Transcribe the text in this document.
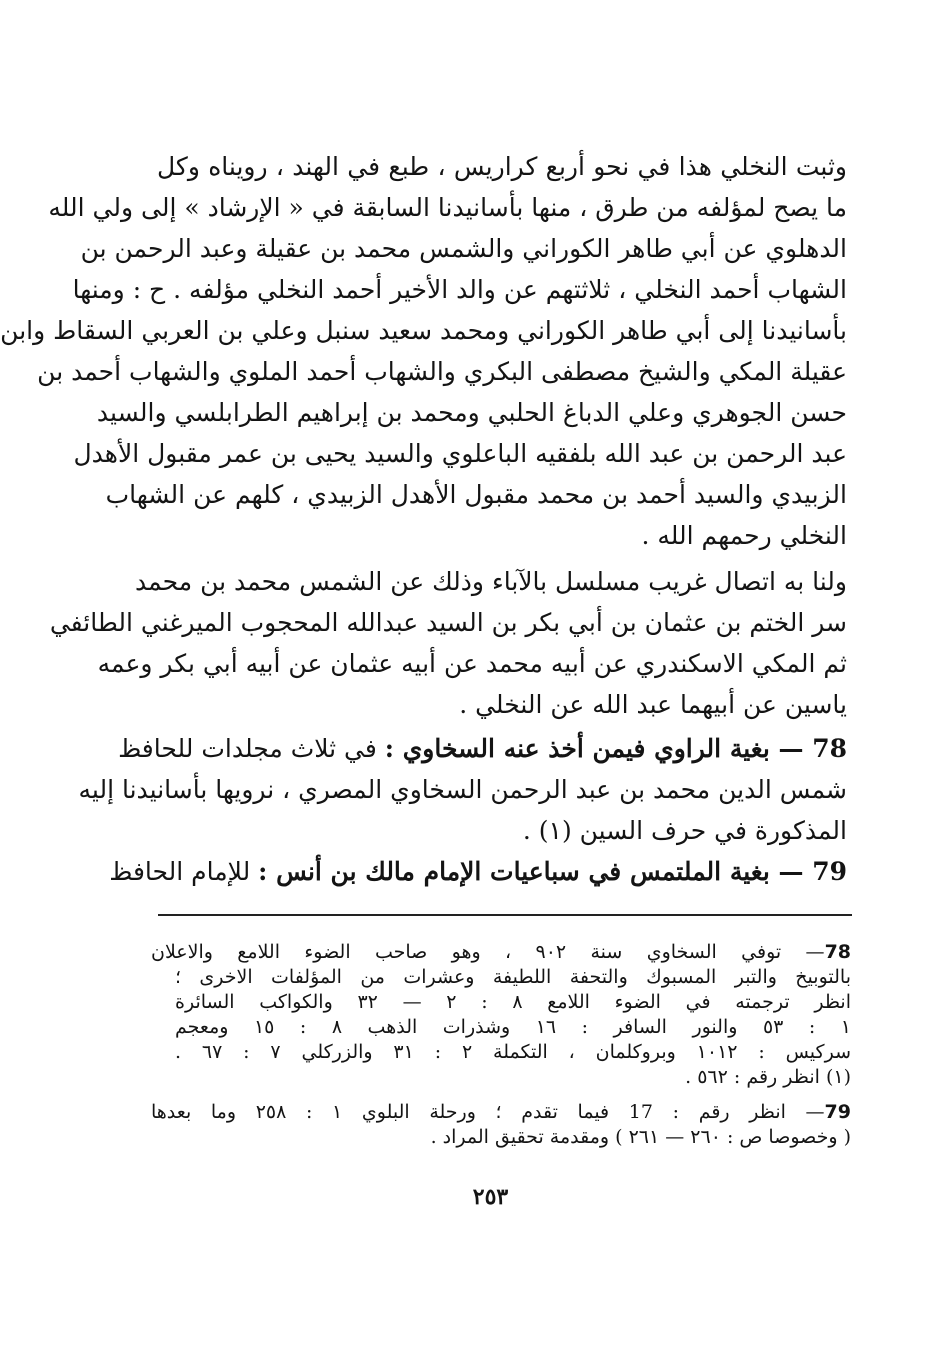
وثبت النخلي هذا في نحو أربع كراريس ، طبع في الهند ، رويناه وكل
ما يصح لمؤلفه من طرق ، منها بأسانيدنا السابقة في « الإرشاد » إلى ولي الله
الدهلوي عن أبي طاهر الكوراني والشمس محمد بن عقيلة وعبد الرحمن بن
الشهاب أحمد النخلي ، ثلاثتهم عن والد الأخير أحمد النخلي مؤلفه . ح : ومنها
بأسانيدنا إلى أبي طاهر الكوراني ومحمد سعيد سنبل وعلي بن العربي السقاط وابن
عقيلة المكي والشيخ مصطفى البكري والشهاب أحمد الملوي والشهاب أحمد بن
حسن الجوهري وعلي الدباغ الحلبي ومحمد بن إبراهيم الطرابلسي والسيد
عبد الرحمن بن عبد الله بلفقيه الباعلوي والسيد يحيى بن عمر مقبول الأهدل
الزبيدي والسيد أحمد بن محمد مقبول الأهدل الزبيدي ، كلهم عن الشهاب
النخلي رحمهم الله .
ولنا به اتصال غريب مسلسل بالآباء وذلك عن الشمس محمد بن محمد
سر الختم بن عثمان بن أبي بكر بن السيد عبدالله المحجوب الميرغني الطائفي
ثم المكي الاسكندري عن أبيه محمد عن أبيه عثمان عن أبيه أبي بكر وعمه
ياسين عن أبيهما عبد الله عن النخلي .
78 — بغية الراوي فيمن أخذ عنه السخاوي : في ثلاث مجلدات للحافظ
شمس الدين محمد بن عبد الرحمن السخاوي المصري ، نرويها بأسانيدنا إليه
المذكورة في حرف السين (١) .
79 — بغية الملتمس في سباعيات الإمام مالك بن أنس : للإمام الحافظ
78— توفي السخاوي سنة ٩٠٢ ، وهو صاحب الضوء اللامع والاعلان
بالتوبيخ والتبر المسبوك والتحفة اللطيفة وعشرات من المؤلفات الاخرى ؛
انظر ترجمته في الضوء اللامع ٨ : ٢ — ٣٢ والكواكب السائرة
١ : ٥٣ والنور السافر : ١٦ وشذرات الذهب ٨ : ١٥ ومعجم
سركيس : ١٠١٢ وبروكلمان ، التكملة ٢ : ٣١ والزركلي ٧ : ٦٧ .
(١) انظر رقم : ٥٦٢ .
79— انظر رقم : 17 فيما تقدم ؛ ورحلة البلوي ١ : ٢٥٨ وما بعدها
( وخصوصا ص : ٢٦٠ — ٢٦١ ) ومقدمة تحقيق المراد .
٢٥٣
